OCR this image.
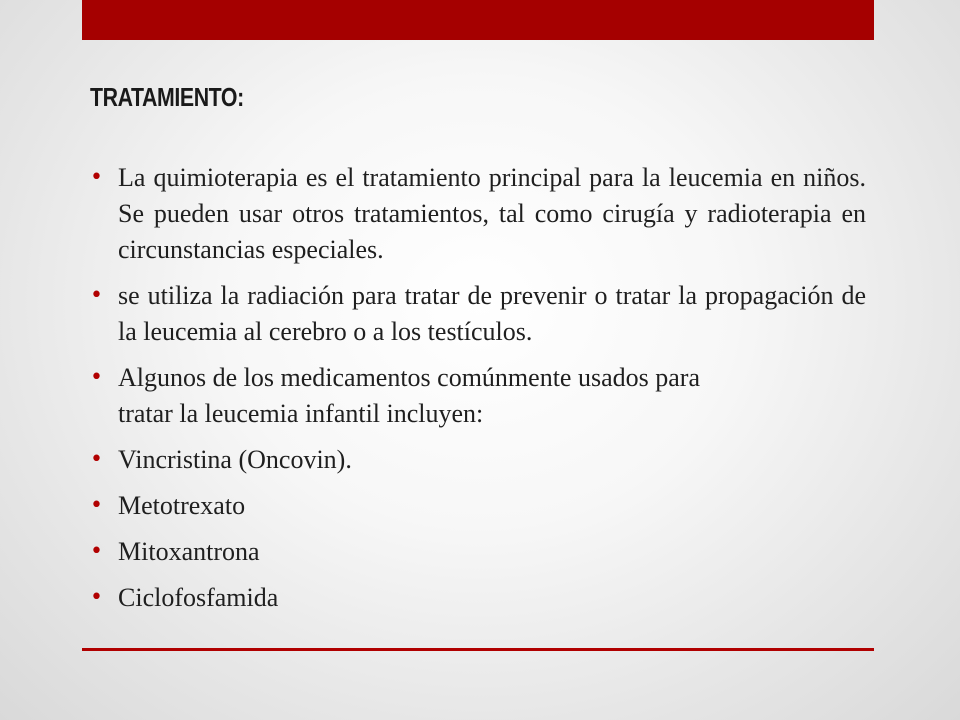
TRATAMIENTO:
• La quimioterapia es el tratamiento principal para la leucemia en niños. Se pueden usar otros tratamientos, tal como cirugía y radioterapia en circunstancias especiales.
• se utiliza la radiación para tratar de prevenir o tratar la propagación de la leucemia al cerebro o a los testículos.
• Algunos de los medicamentos comúnmente usados para tratar la leucemia infantil incluyen:
• Vincristina (Oncovin).
• Metotrexato
• Mitoxantrona
• Ciclofosfamida
